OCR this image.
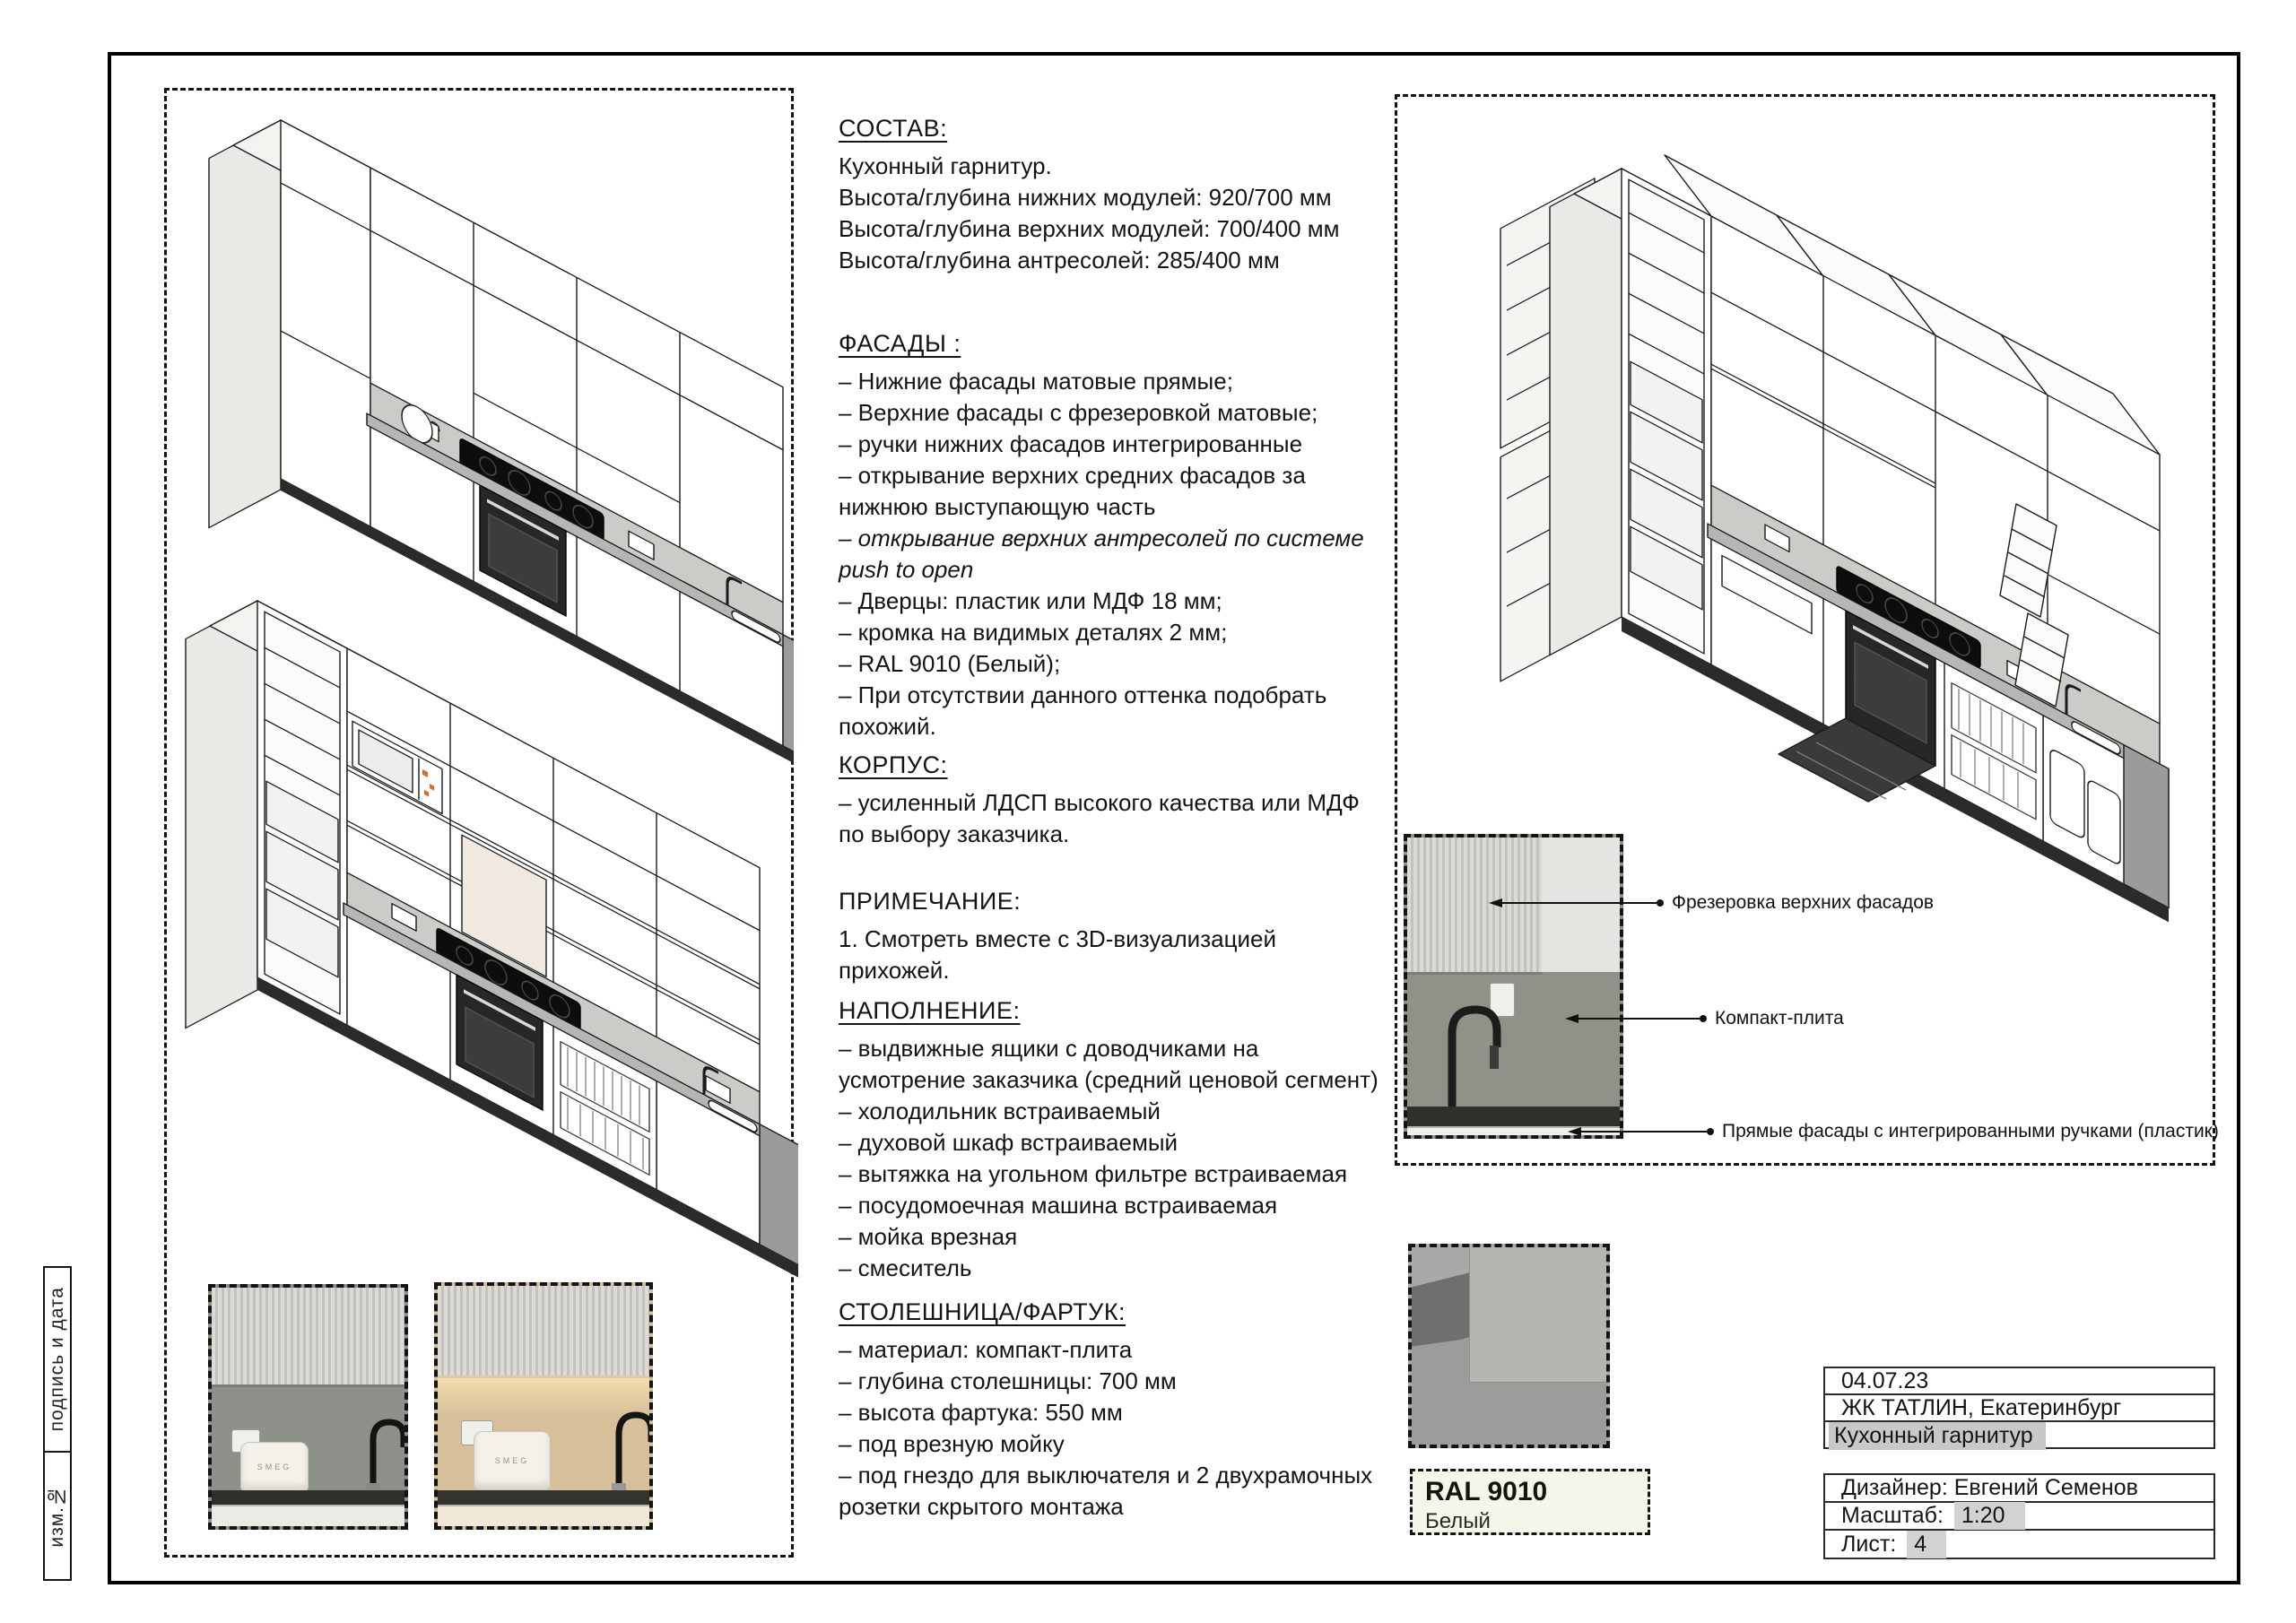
подпись и дата
изм.№
СОСТАВ:
Кухонный гарнитур.
Высота/глубина нижних модулей: 920/700 мм
Высота/глубина верхних модулей: 700/400 мм
Высота/глубина антресолей: 285/400 мм
ФАСАДЫ :
– Нижние фасады матовые прямые;
– Верхние фасады с фрезеровкой матовые;
– ручки нижних фасадов интегрированные
– открывание верхних средних фасадов за нижнюю выступающую часть
– открывание верхних антресолей по системе push to open
– Дверцы: пластик или МДФ 18 мм;
– кромка на видимых деталях 2 мм;
– RAL 9010 (Белый);
– При отсутствии данного оттенка подобрать похожий.
КОРПУС:
– усиленный ЛДСП высокого качества или МДФ по выбору заказчика.
ПРИМЕЧАНИЕ:
1. Смотреть вместе с 3D-визуализацией прихожей.
НАПОЛНЕНИЕ:
– выдвижные ящики с доводчиками на усмотрение заказчика (средний ценовой сегмент)
– холодильник встраиваемый
– духовой шкаф встраиваемый
– вытяжка на угольном фильтре встраиваемая
– посудомоечная машина встраиваемая
– мойка врезная
– смеситель
СТОЛЕШНИЦА/ФАРТУК:
– материал: компакт-плита
– глубина столешницы: 700 мм
– высота фартука: 550 мм
– под врезную мойку
– под гнездо для выключателя и 2 двухрамочных розетки скрытого монтажа
Фрезеровка верхних фасадов
Компакт-плита
Прямые фасады с интегрированными ручками (пластик)
SMEG
SMEG
RAL 9010
Белый
04.07.23
ЖК ТАТЛИН, Екатеринбург
Кухонный гарнитур
Дизайнер: Евгений Семенов
Масштаб: 1:20
Лист: 4
